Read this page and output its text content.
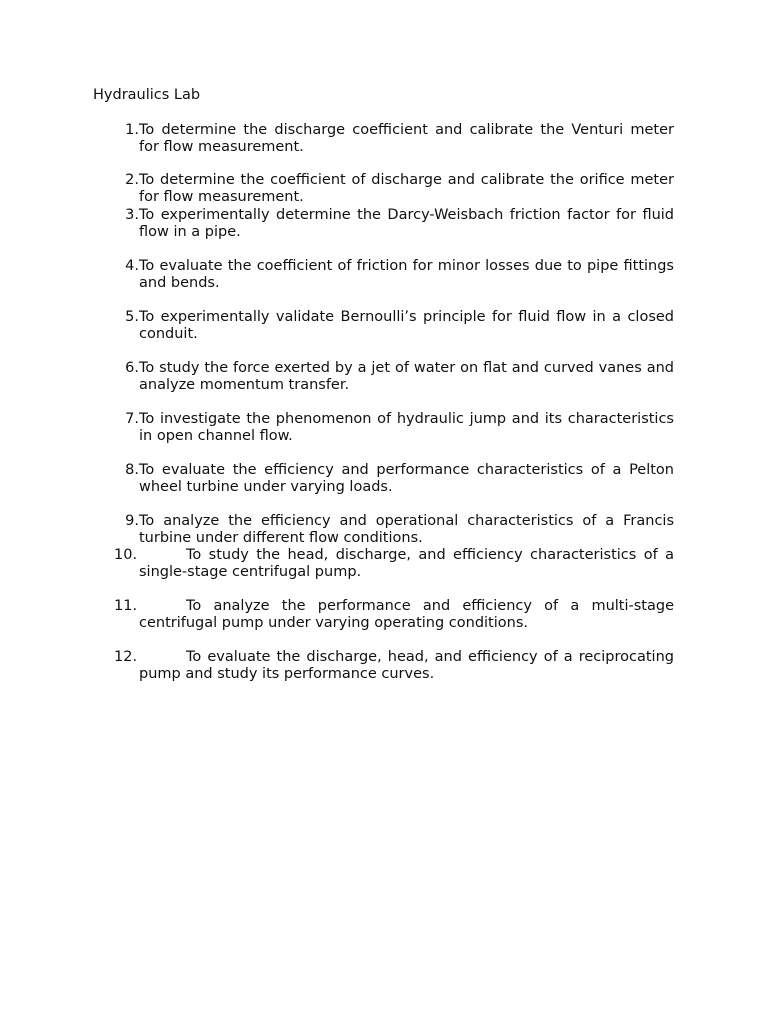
Hydraulics Lab
1. To determine the discharge coefficient and calibrate the Venturi meter for flow measurement.
2. To determine the coefficient of discharge and calibrate the orifice meter for flow measurement.
3. To experimentally determine the Darcy-Weisbach friction factor for fluid flow in a pipe.
4. To evaluate the coefficient of friction for minor losses due to pipe fittings and bends.
5. To experimentally validate Bernoulli’s principle for fluid flow in a closed conduit.
6. To study the force exerted by a jet of water on flat and curved vanes and analyze momentum transfer.
7. To investigate the phenomenon of hydraulic jump and its characteristics in open channel flow.
8. To evaluate the efficiency and performance characteristics of a Pelton wheel turbine under varying loads.
9. To analyze the efficiency and operational characteristics of a Francis turbine under different flow conditions.
10.	To study the head, discharge, and efficiency characteristics of a single-stage centrifugal pump.
11.	To analyze the performance and efficiency of a multi-stage centrifugal pump under varying operating conditions.
12.	To evaluate the discharge, head, and efficiency of a reciprocating pump and study its performance curves.
